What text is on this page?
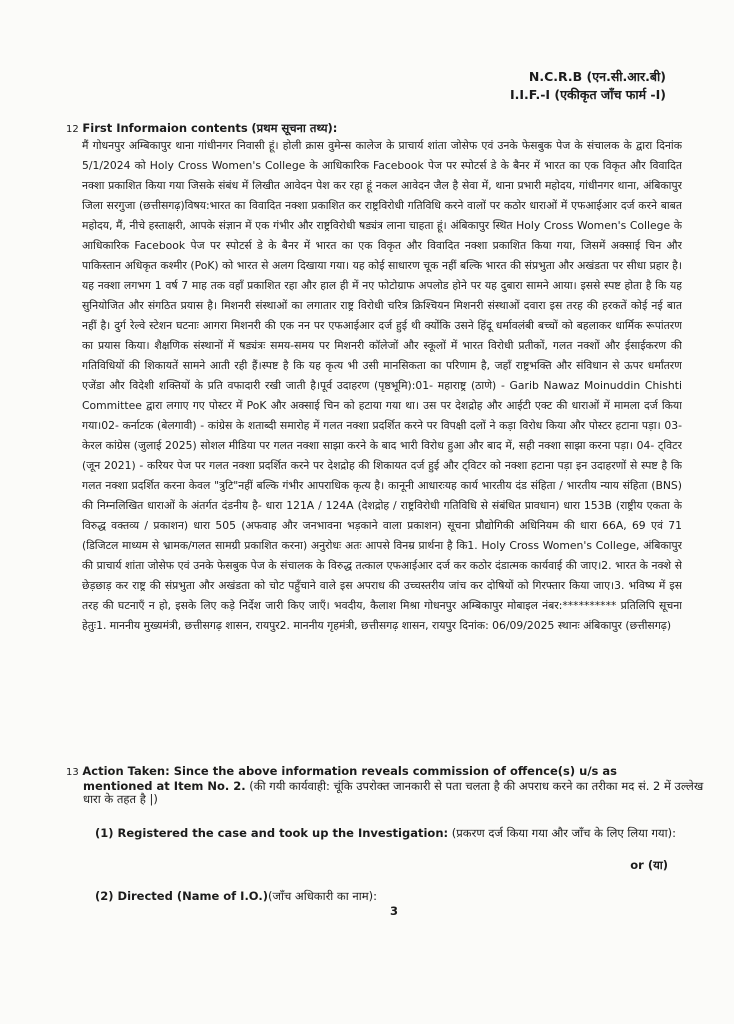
N.C.R.B (एन.सी.आर.बी)
I.I.F.-I (एकीकृत जाँच फार्म -I)
12 First Informaion contents (प्रथम सूचना तथ्य):
मैं गोधनपुर अम्बिकापुर थाना गांधीनगर निवासी हूं। होली क्रास वुमेन्स कालेज के प्राचार्य शांता जोसेफ एवं उनके फेसबुक पेज के संचालक के द्वारा दिनांक 5/1/2024 को Holy Cross Women's College के आधिकारिक Facebook पेज पर स्पोटर्स डे के बैनर में भारत का एक विकृत और विवादित नक्शा प्रकाशित किया गया जिसके संबंध में लिखीत आवेदन पेश कर रहा हूं नकल आवेदन जैल है सेवा में, थाना प्रभारी महोदय, गांधीनगर थाना, अंबिकापुर जिला सरगुजा (छत्तीसगढ़)विषय:भारत का विवादित नक्शा प्रकाशित कर राष्ट्रविरोधी गतिविधि करने वालों पर कठोर धाराओं में एफआईआर दर्ज करने बाबत महोदय, मैं, नीचे हस्ताक्षरी, आपके संज्ञान में एक गंभीर और राष्ट्रविरोधी षड्यंत्र लाना चाहता हूं। अंबिकापुर स्थित Holy Cross Women's College के आधिकारिक Facebook पेज पर स्पोटर्स डे के बैनर में भारत का एक विकृत और विवादित नक्शा प्रकाशित किया गया, जिसमें अक्साई चिन और पाकिस्तान अधिकृत कश्मीर (PoK) को भारत से अलग दिखाया गया। यह कोई साधारण चूक नहीं बल्कि भारत की संप्रभुता और अखंडता पर सीधा प्रहार है। यह नक्शा लगभग 1 वर्ष 7 माह तक वहाँ प्रकाशित रहा और हाल ही में नए फोटोग्राफ अपलोड होने पर यह दुबारा सामने आया। इससे स्पष्ट होता है कि यह सुनियोजित और संगठित प्रयास है। मिशनरी संस्थाओं का लगातार राष्ट्र विरोधी चरित्र क्रिश्चियन मिशनरी संस्थाओं दवारा इस तरह की हरकतें कोई नई बात नहीं है। दुर्ग रेल्वे स्टेशन घटनाः आगरा मिशनरी की एक नन पर एफआईआर दर्ज हुई थी क्योंकि उसने हिंदू धर्मावलंबी बच्चों को बहलाकर धार्मिक रूपांतरण का प्रयास किया। शैक्षणिक संस्थानों में षड्यंत्रः समय-समय पर मिशनरी कॉलेजों और स्कूलों में भारत विरोधी प्रतीकों, गलत नक्शों और ईसाईकरण की गतिविधियों की शिकायतें सामने आती रही हैं।स्पष्ट है कि यह कृत्य भी उसी मानसिकता का परिणाम है, जहाँ राष्ट्रभक्ति और संविधान से ऊपर धर्मांतरण एजेंडा और विदेशी शक्तियों के प्रति वफादारी रखी जाती है।पूर्व उदाहरण (पृष्ठभूमि):01- महाराष्ट्र (ठाणे) - Garib Nawaz Moinuddin Chishti Committee द्वारा लगाए गए पोस्टर में PoK और अक्साई चिन को हटाया गया था। उस पर देशद्रोह और आईटी एक्ट की धाराओं में मामला दर्ज किया गया।02- कर्नाटक (बेलगावी) - कांग्रेस के शताब्दी समारोह में गलत नक्शा प्रदर्शित करने पर विपक्षी दलों ने कड़ा विरोध किया और पोस्टर हटाना पड़ा। 03- केरल कांग्रेस (जुलाई 2025) सोशल मीडिया पर गलत नक्शा साझा करने के बाद भारी विरोध हुआ और बाद में, सही नक्शा साझा करना पड़ा। 04- ट्विटर (जून 2021) - करियर पेज पर गलत नक्शा प्रदर्शित करने पर देशद्रोह की शिकायत दर्ज हुई और ट्विटर को नक्शा हटाना पड़ा इन उदाहरणों से स्पष्ट है कि गलत नक्शा प्रदर्शित करना केवल "त्रुटि"नहीं बल्कि गंभीर आपराधिक कृत्य है। कानूनी आधारःयह कार्य भारतीय दंड संहिता / भारतीय न्याय संहिता (BNS) की निम्नलिखित धाराओं के अंतर्गत दंडनीय है- धारा 121A / 124A (देशद्रोह / राष्ट्रविरोधी गतिविधि से संबंधित प्रावधान) धारा 153B (राष्ट्रीय एकता के विरुद्ध वक्तव्य / प्रकाशन) धारा 505 (अफवाह और जनभावना भड़काने वाला प्रकाशन) सूचना प्रौद्योगिकी अधिनियम की धारा 66A, 69 एवं 71 (डिजिटल माध्यम से भ्रामक/गलत सामग्री प्रकाशित करना) अनुरोधः अतः आपसे विनम्र प्रार्थना है कि1. Holy Cross Women's College, अंबिकापुर की प्राचार्य शांता जोसेफ एवं उनके फेसबुक पेज के संचालक के विरुद्ध तत्काल एफआईआर दर्ज कर कठोर दंडात्मक कार्यवाई की जाए।2. भारत के नक्शे से छेड़छाड़ कर राष्ट्र की संप्रभुता और अखंडता को चोट पहुँचाने वाले इस अपराध की उच्चस्तरीय जांच कर दोषियों को गिरफ्तार किया जाए।3. भविष्य में इस तरह की घटनाएँ न हो, इसके लिए कड़े निर्देश जारी किए जाएँ। भवदीय, कैलाश मिश्रा गोधनपुर अम्बिकापुर मोबाइल नंबर:********** प्रतिलिपि सूचना हेतुः1. माननीय मुख्यमंत्री, छत्तीसगढ़ शासन, रायपुर2. माननीय गृहमंत्री, छत्तीसगढ़ शासन, रायपुर दिनांक: 06/09/2025 स्थानः अंबिकापुर (छत्तीसगढ़)
13 Action Taken: Since the above information reveals commission of offence(s) u/s as
mentioned at Item No. 2. (की गयी कार्यवाही: चूंकि उपरोक्त जानकारी से पता चलता है की अपराध करने का तरीका मद सं. 2 में उल्लेख धारा के तहत है |)
(1) Registered the case and took up the Investigation: (प्रकरण दर्ज किया गया और जाँच के लिए लिया गया):
or (या)
(2) Directed (Name of I.O.)(जाँच अधिकारी का नाम):
3
